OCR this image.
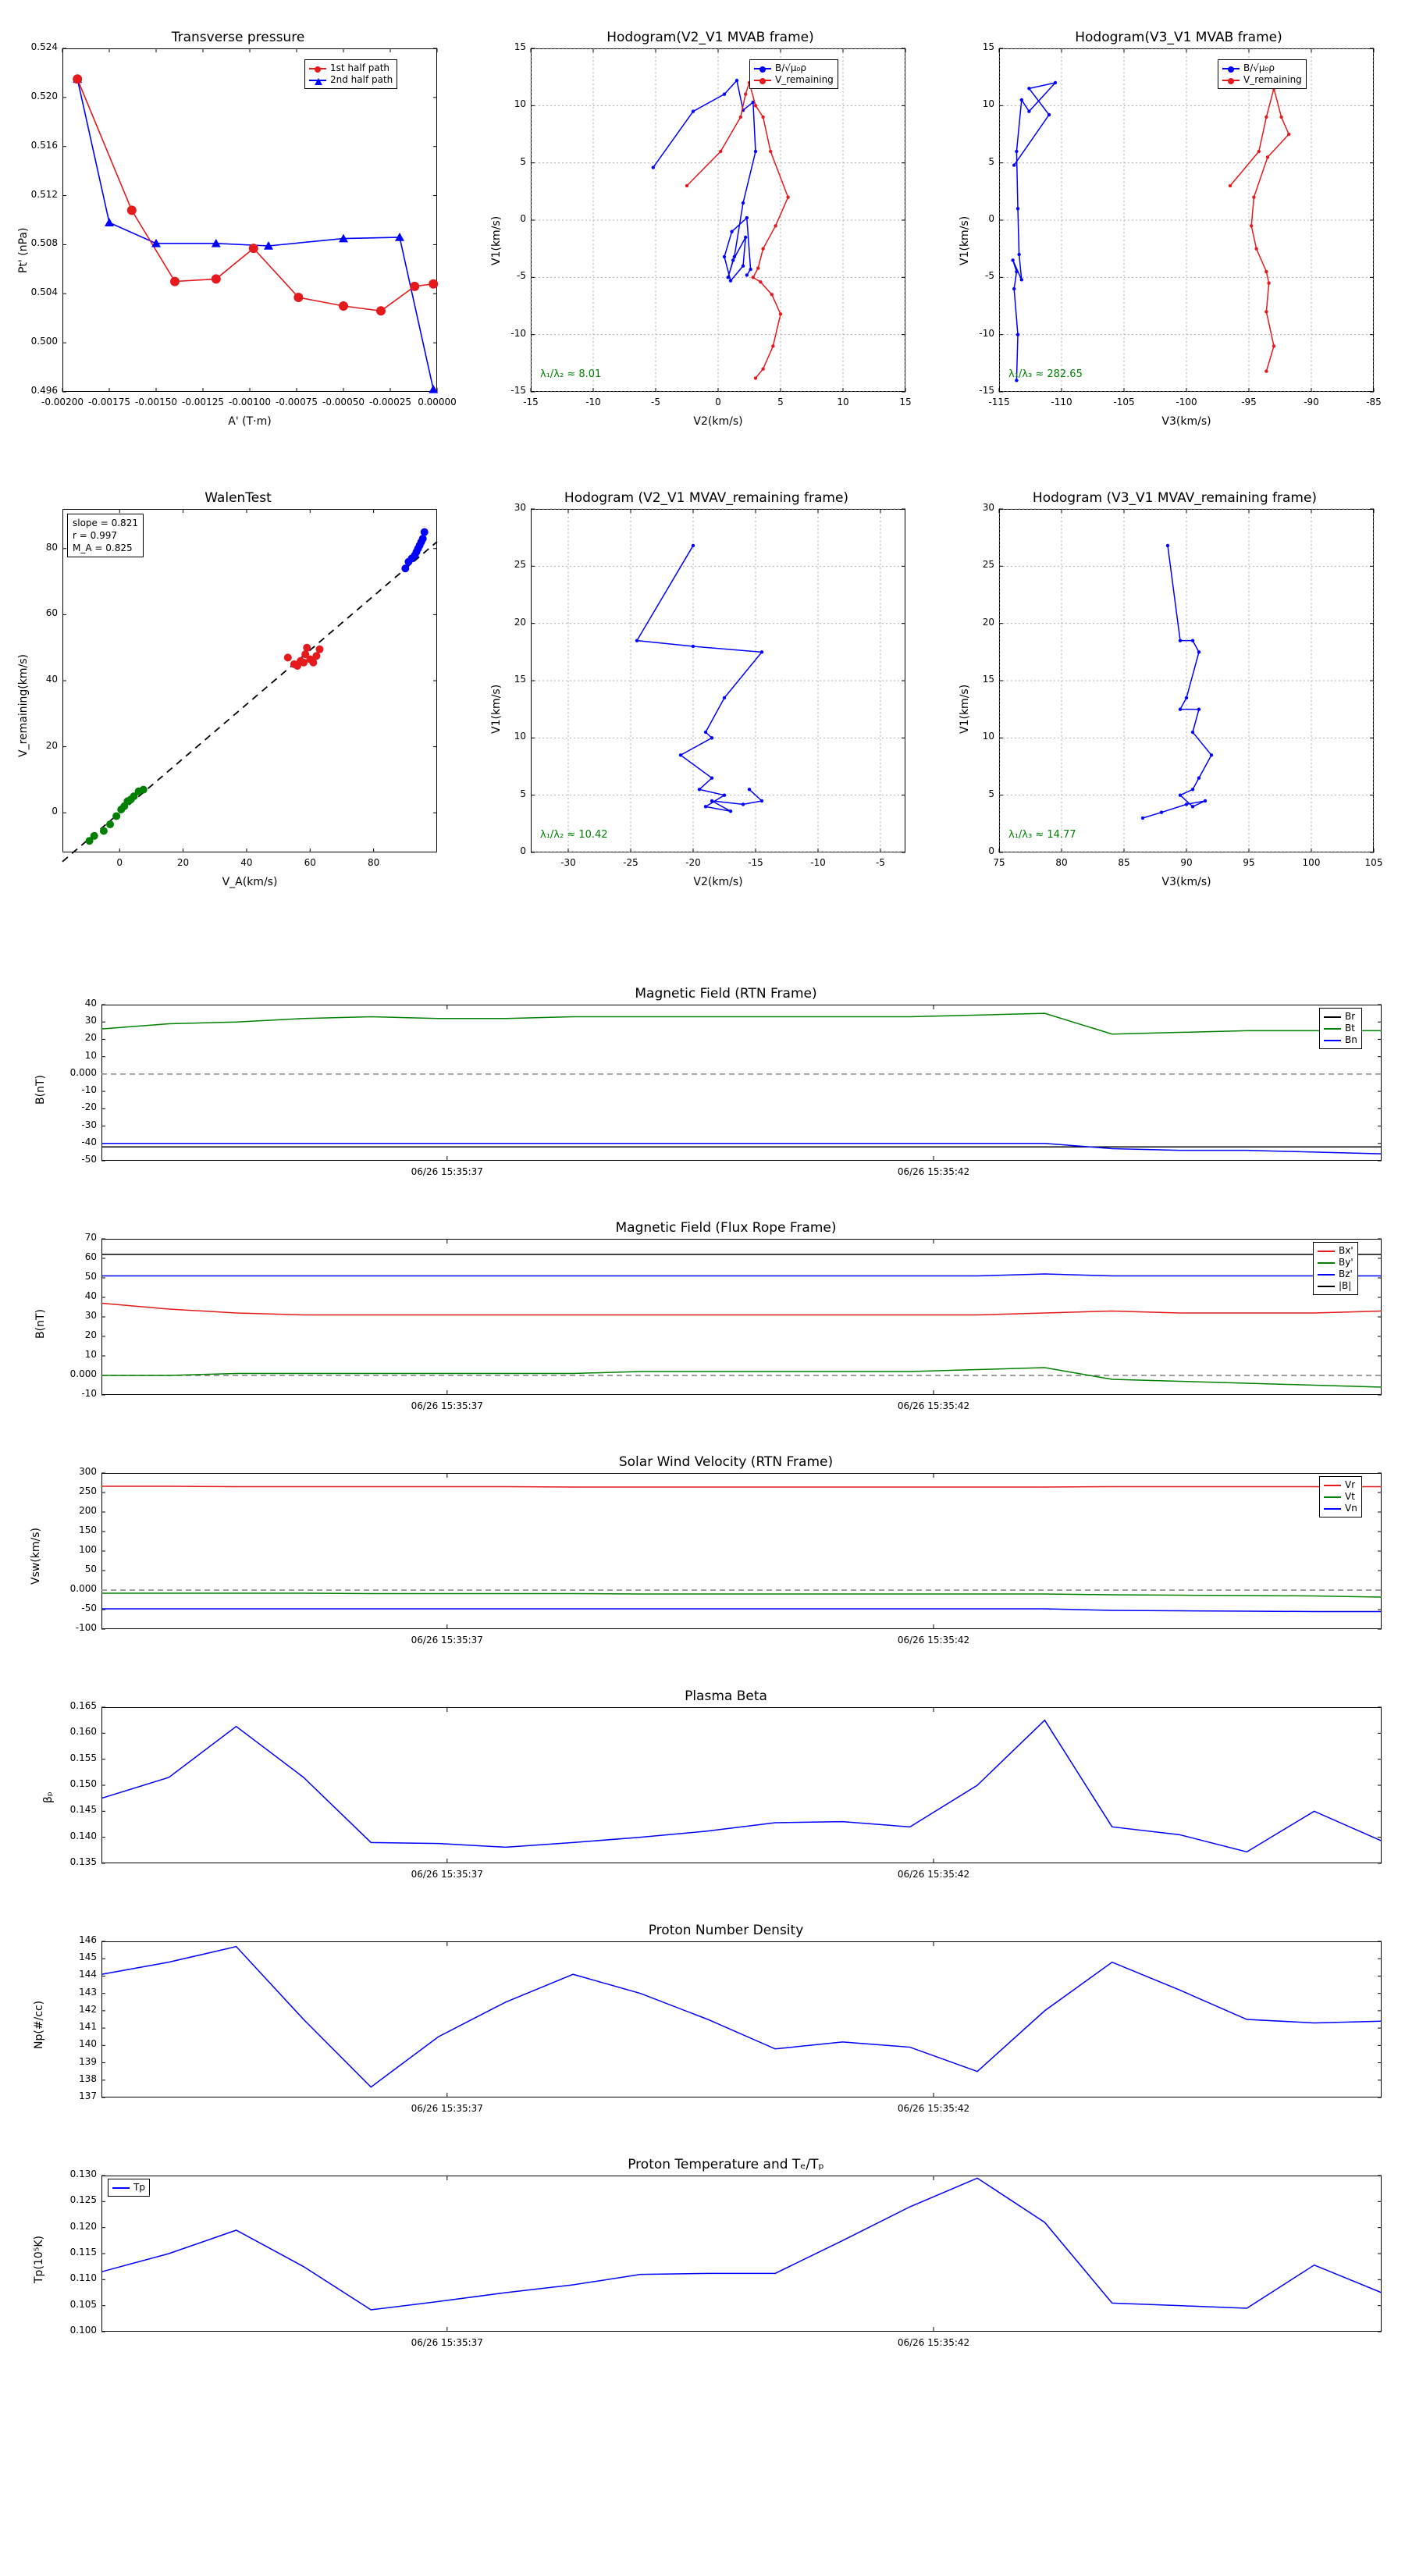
Transverse pressure
Pt' (nPa)
A' (T·m)
1st half path
2nd half path
-0.00200 -0.00175 -0.00150 -0.00125 -0.00100 -0.00075 -0.00050 -0.00025 0.00000
0.496
0.500
0.504
0.508
0.512
0.516
0.520
0.524
Hodogram(V2_V1 MVAB frame)
V1(km/s)
V2(km/s)
B/√μ₀ρ
V_remaining
λ₁/λ₂ ≈ 8.01
-15	-10	-5	0	5	10	15
-15
-10
-5
0
5
10
15
Hodogram(V3_V1 MVAB frame)
V1(km/s)
V3(km/s)
B/√μ₀ρ
V_remaining
λ₁/λ₃ ≈ 282.65
-115	-110	-105	-100	-95	-90	-85
-15
-10
-5
0
5
10
15
WalenTest
V_remaining(km/s)
V_A(km/s)
slope = 0.821
r = 0.997
M_A = 0.825
0	20	40	60	80
0
20
40
60
80
Hodogram (V2_V1 MVAV_remaining frame)
V1(km/s)
V2(km/s)
λ₁/λ₂ ≈ 10.42
-30	-25	-20	-15	-10	-5
0
5
10
15
20
25
30
Hodogram (V3_V1 MVAV_remaining frame)
V1(km/s)
V3(km/s)
λ₁/λ₃ ≈ 14.77
75	80	85	90	95	100	105
0
5
10
15
20
25
30
Magnetic Field (RTN Frame)
B(nT)
Br
Bt
Bn
-50
-40
-30
-20
-10
0.000
10
20
30
40
06/26 15:35:37	06/26 15:35:42
Magnetic Field (Flux Rope Frame)
B(nT)
Bx'
By'
Bz'
|B|
-10
0.000
10
20
30
40
50
60
70
06/26 15:35:37	06/26 15:35:42
Solar Wind Velocity (RTN Frame)
Vsw(km/s)
Vr
Vt
Vn
-100
-50
0.000
50
100
150
200
250
300
06/26 15:35:37	06/26 15:35:42
Plasma Beta
βₚ
0.135
0.140
0.145
0.150
0.155
0.160
0.165
06/26 15:35:37	06/26 15:35:42
Proton Number Density
Np(#/cc)
137
138
139
140
141
142
143
144
145
146
06/26 15:35:37	06/26 15:35:42
Proton Temperature and Tₑ/Tₚ
Tp(10⁵K)
Tp
0.100
0.105
0.110
0.115
0.120
0.125
0.130
06/26 15:35:37	06/26 15:35:42
